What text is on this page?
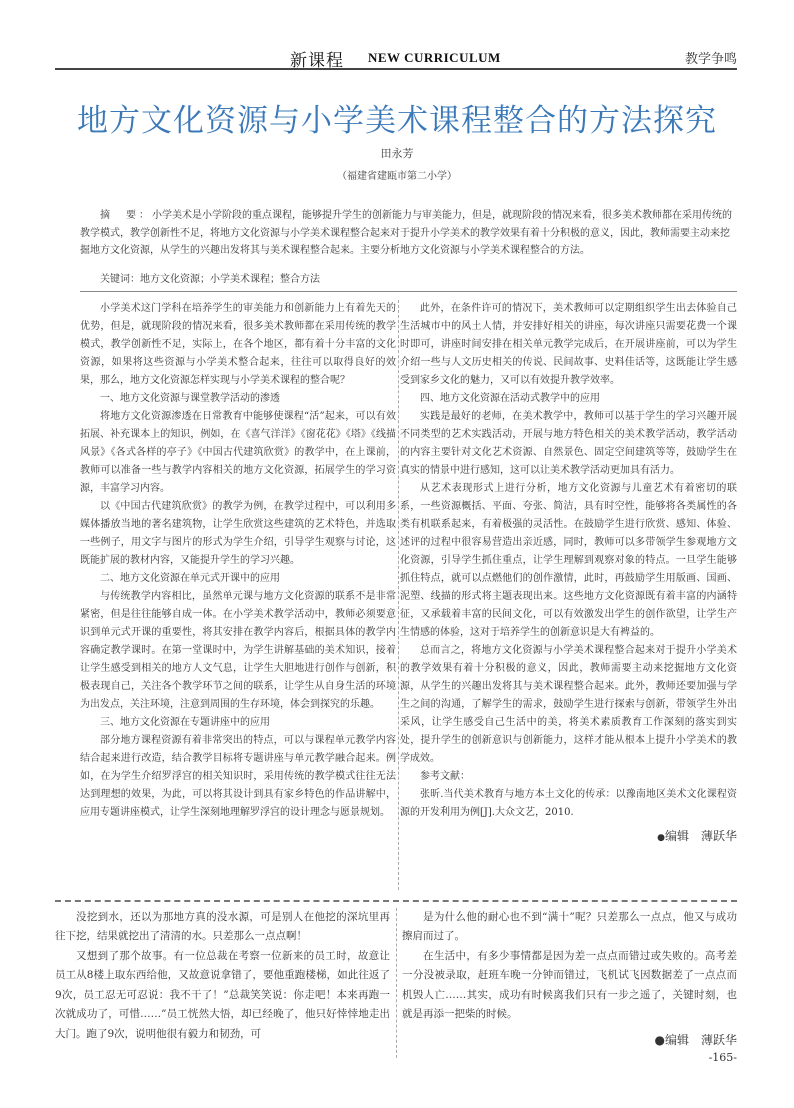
新课程 NEW CURRICULUM	教学争鸣
地方文化资源与小学美术课程整合的方法探究
田永芳
（福建省建瓯市第二小学）
摘　要：小学美术是小学阶段的重点课程，能够提升学生的创新能力与审美能力，但是，就现阶段的情况来看，很多美术教师都在采用传统的教学模式，教学创新性不足，将地方文化资源与小学美术课程整合起来对于提升小学美术的教学效果有着十分积极的意义，因此，教师需要主动来挖掘地方文化资源，从学生的兴趣出发将其与美术课程整合起来。主要分析地方文化资源与小学美术课程整合的方法。
关键词：地方文化资源；小学美术课程；整合方法

小学美术这门学科在培养学生的审美能力和创新能力上有着先天的优势，但是，就现阶段的情况来看，很多美术教师都在采用传统的教学模式，教学创新性不足，实际上，在各个地区，都有着十分丰富的文化资源，如果将这些资源与小学美术整合起来，往往可以取得良好的效果，那么，地方文化资源怎样实现与小学美术课程的整合呢？

一、地方文化资源与课堂教学活动的渗透

将地方文化资源渗透在日常教育中能够使课程“活”起来，可以有效拓展、补充课本上的知识，例如，在《喜气洋洋》《窗花花》《塔》《线描风景》《各式各样的亭子》《中国古代建筑欣赏》的教学中，在上课前，教师可以准备一些与教学内容相关的地方文化资源，拓展学生的学习资源，丰富学习内容。

以《中国古代建筑欣赏》的教学为例，在教学过程中，可以利用多媒体播放当地的著名建筑物，让学生欣赏这些建筑的艺术特色，并选取一些例子，用文字与图片的形式为学生介绍，引导学生观察与讨论，这既能扩展的教材内容，又能提升学生的学习兴趣。

二、地方文化资源在单元式开课中的应用

与传统教学内容相比，虽然单元课与地方文化资源的联系不是非常紧密，但是往往能够自成一体。在小学美术教学活动中，教师必须要意识到单元式开课的重要性，将其安排在教学内容后，根据具体的教学内容确定教学课时。在第一堂课时中，为学生讲解基础的美术知识，接着让学生感受到相关的地方人文气息，让学生大胆地进行创作与创新，积极表现自己，关注各个教学环节之间的联系，让学生从自身生活的环境为出发点，关注环境，注意到周围的生存环境，体会到探究的乐趣。

三、地方文化资源在专题讲座中的应用

部分地方课程资源有着非常突出的特点，可以与课程单元教学内容结合起来进行改造，结合教学目标将专题讲座与单元教学融合起来。例如，在为学生介绍罗浮宫的相关知识时，采用传统的教学模式往往无法达到理想的效果，为此，可以将其设计到具有家乡特色的作品讲解中，应用专题讲座模式，让学生深刻地理解罗浮宫的设计理念与愿景规划。

此外，在条件许可的情况下，美术教师可以定期组织学生出去体验自己生活城市中的风土人情，并安排好相关的讲座，每次讲座只需要花费一个课时即可，讲座时间安排在相关单元教学完成后，在开展讲座前，可以为学生介绍一些与人文历史相关的传说、民间故事、史料佳话等，这既能让学生感受到家乡文化的魅力，又可以有效提升教学效率。

四、地方文化资源在活动式教学中的应用

实践是最好的老师，在美术教学中，教师可以基于学生的学习兴趣开展不同类型的艺术实践活动，开展与地方特色相关的美术教学活动，教学活动的内容主要针对文化艺术资源、自然景色、固定空间建筑等等，鼓励学生在真实的情景中进行感知，这可以让美术教学活动更加具有活力。

从艺术表现形式上进行分析，地方文化资源与儿童艺术有着密切的联系，一些资源概括、平面、夸张、简洁，具有时空性，能够将各类属性的各类有机联系起来，有着极强的灵活性。在鼓励学生进行欣赏、感知、体验、述评的过程中很容易营造出亲近感，同时，教师可以多带领学生参观地方文化资源，引导学生抓住重点，让学生理解到观察对象的特点。一旦学生能够抓住特点，就可以点燃他们的创作激情，此时，再鼓励学生用版画、国画、泥塑、线描的形式将主题表现出来。这些地方文化资源既有着丰富的内涵特征，又承载着丰富的民间文化，可以有效激发出学生的创作欲望，让学生产生情感的体验，这对于培养学生的创新意识是大有裨益的。

总而言之，将地方文化资源与小学美术课程整合起来对于提升小学美术的教学效果有着十分积极的意义，因此，教师需要主动来挖掘地方文化资源，从学生的兴趣出发将其与美术课程整合起来。此外，教师还要加强与学生之间的沟通，了解学生的需求，鼓励学生进行探索与创新，带领学生外出采风，让学生感受自己生活中的美，将美术素质教育工作深刻的落实到实处，提升学生的创新意识与创新能力，这样才能从根本上提升小学美术的教学成效。

参考文献：

张昕.当代美术教育与地方本土文化的传承：以豫南地区美术文化课程资源的开发利用为例[J].大众文艺，2010.

●编辑　薄跃华

没挖到水，还以为那地方真的没水源，可是别人在他挖的深坑里再往下挖，结果就挖出了清清的水。只差那么一点点啊！

又想到了那个故事。有一位总裁在考察一位新来的员工时，故意让员工从8楼上取东西给他，又故意说拿错了，要他重跑楼梯，如此往返了9次，员工忍无可忍说：我不干了！”总裁笑笑说：你走吧！本来再跑一次就成功了，可惜……”员工恍然大悟，却已经晚了，他只好悻悻地走出大门。跑了9次，说明他很有毅力和韧劲，可

是为什么他的耐心也不到“满十”呢？只差那么一点点，他又与成功擦肩而过了。

在生活中，有多少事情都是因为差一点点而错过或失败的。高考差一分没被录取，赶班车晚一分钟而错过，飞机试飞因数据差了一点点而机毁人亡……其实，成功有时候离我们只有一步之遥了，关键时刻，也就是再添一把柴的时候。

●编辑　薄跃华
-165-
